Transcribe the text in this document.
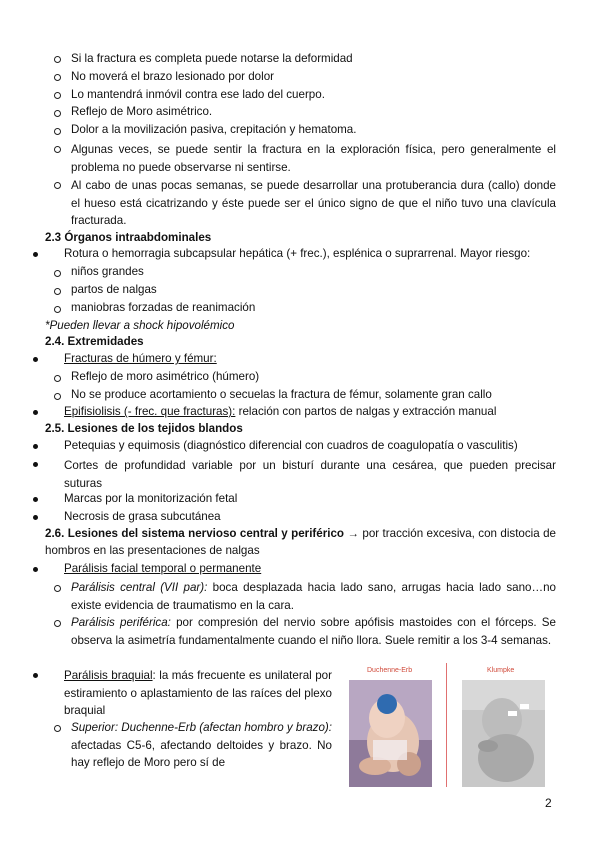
Si la fractura es completa puede notarse la deformidad
No moverá el brazo lesionado por dolor
Lo mantendrá inmóvil contra ese lado del cuerpo.
Reflejo de Moro asimétrico.
Dolor a la movilización pasiva, crepitación y hematoma.
Algunas veces, se puede sentir la fractura en la exploración física, pero generalmente el problema no puede observarse ni sentirse.
Al cabo de unas pocas semanas, se puede desarrollar una protuberancia dura (callo) donde el hueso está cicatrizando y éste puede ser el único signo de que el niño tuvo una clavícula fracturada.
2.3 Órganos intraabdominales
Rotura o hemorragia subcapsular hepática (+ frec.), esplénica o suprarrenal. Mayor riesgo:
niños grandes
partos de nalgas
maniobras forzadas de reanimación
*Pueden llevar a shock hipovolémico
2.4. Extremidades
Fracturas de húmero y fémur:
Reflejo de moro asimétrico (húmero)
No se produce acortamiento o secuelas la fractura de fémur, solamente gran callo
Epifisiolisis (- frec. que fracturas): relación con partos de nalgas y extracción manual
2.5. Lesiones de los tejidos blandos
Petequias y equimosis (diagnóstico diferencial con cuadros de coagulopatía o vasculitis)
Cortes de profundidad variable por un bisturí durante una cesárea, que pueden precisar suturas
Marcas por la monitorización fetal
Necrosis de grasa subcutánea
2.6. Lesiones del sistema nervioso central y periférico → por tracción excesiva, con distocia de hombros en las presentaciones de nalgas
Parálisis facial temporal o permanente
Parálisis central (VII par): boca desplazada hacia lado sano, arrugas hacia lado sano…no existe evidencia de traumatismo en la cara.
Parálisis periférica: por compresión del nervio sobre apófisis mastoides con el fórceps. Se observa la asimetría fundamentalmente cuando el niño llora. Suele remitir a los 3-4 semanas.
Parálisis braquial: la más frecuente es unilateral por estiramiento o aplastamiento de las raíces del plexo braquial
Superior: Duchenne-Erb (afectan hombro y brazo): afectadas C5-6, afectando deltoides y brazo. No hay reflejo de Moro pero sí de
Duchenne-Erb	Klumpke
2
